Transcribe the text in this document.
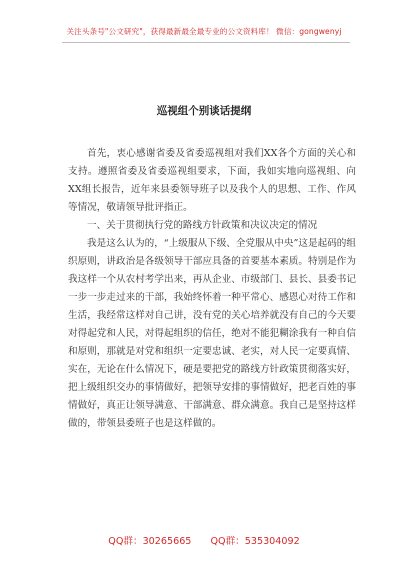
关注头条号"公文研究"，获得最新最全最专业的公文资料库！ 微信：gongwenyj
巡视组个别谈话提纲

首先，衷心感谢省委及省委巡视组对我们XX各个方面的关心和支持。遵照省委及省委巡视组要求，下面，我如实地向巡视组、向XX组长报告，近年来县委领导班子以及我个人的思想、工作、作风等情况，敬请领导批评指正。

一、关于贯彻执行党的路线方针政策和决议决定的情况

我是这么认为的，“上级服从下级、全党服从中央”这是起码的组织原则，讲政治是各级领导干部应具备的首要基本素质。特别是作为我这样一个从农村考学出来，再从企业、市级部门、县长、县委书记一步一步走过来的干部，我始终怀着一种平常心、感恩心对待工作和生活，我经常这样对自己讲，没有党的关心培养就没有自己的今天要对得起党和人民，对得起组织的信任，绝对不能犯糊涂我有一种自信和原则，那就是对党和组织一定要忠诚、老实，对人民一定要真情、实在，无论在什么情况下，硬是要把党的路线方针政策贯彻落实好，把上级组织交办的事情做好，把领导安排的事情做好，把老百姓的事情做好，真正让领导满意、干部满意、群众满意。我自己是坚持这样做的，带领县委班子也是这样做的。

QQ群：30265665 QQ群：535304092
